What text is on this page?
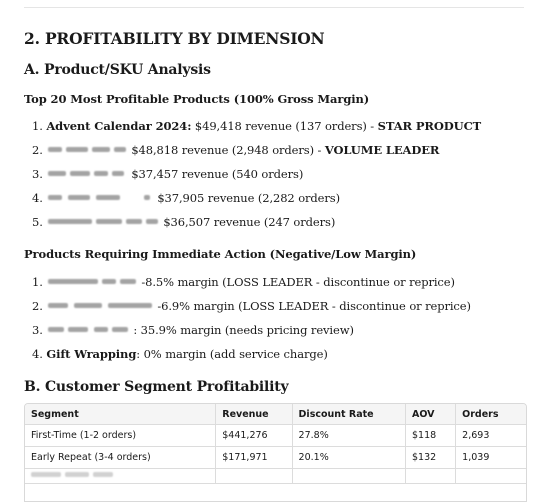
2. PROFITABILITY BY DIMENSION
A. Product/SKU Analysis
Top 20 Most Profitable Products (100% Gross Margin)
1. Advent Calendar 2024: $49,418 revenue (137 orders) - STAR PRODUCT
2.	$48,818 revenue (2,948 orders) - VOLUME LEADER
3.	$37,457 revenue (540 orders)
4.	$37,905 revenue (2,282 orders)
5.	$36,507 revenue (247 orders)
Products Requiring Immediate Action (Negative/Low Margin)
1.	-8.5% margin (LOSS LEADER - discontinue or reprice)
2.	-6.9% margin (LOSS LEADER - discontinue or reprice)
3.	: 35.9% margin (needs pricing review)
4. Gift Wrapping: 0% margin (add service charge)
B. Customer Segment Profitability
Segment	Revenue	Discount Rate	AOV	Orders
First-Time (1-2 orders)	$441,276	27.8%	$118	2,693
Early Repeat (3-4 orders)	$171,971	20.1%	$132	1,039
